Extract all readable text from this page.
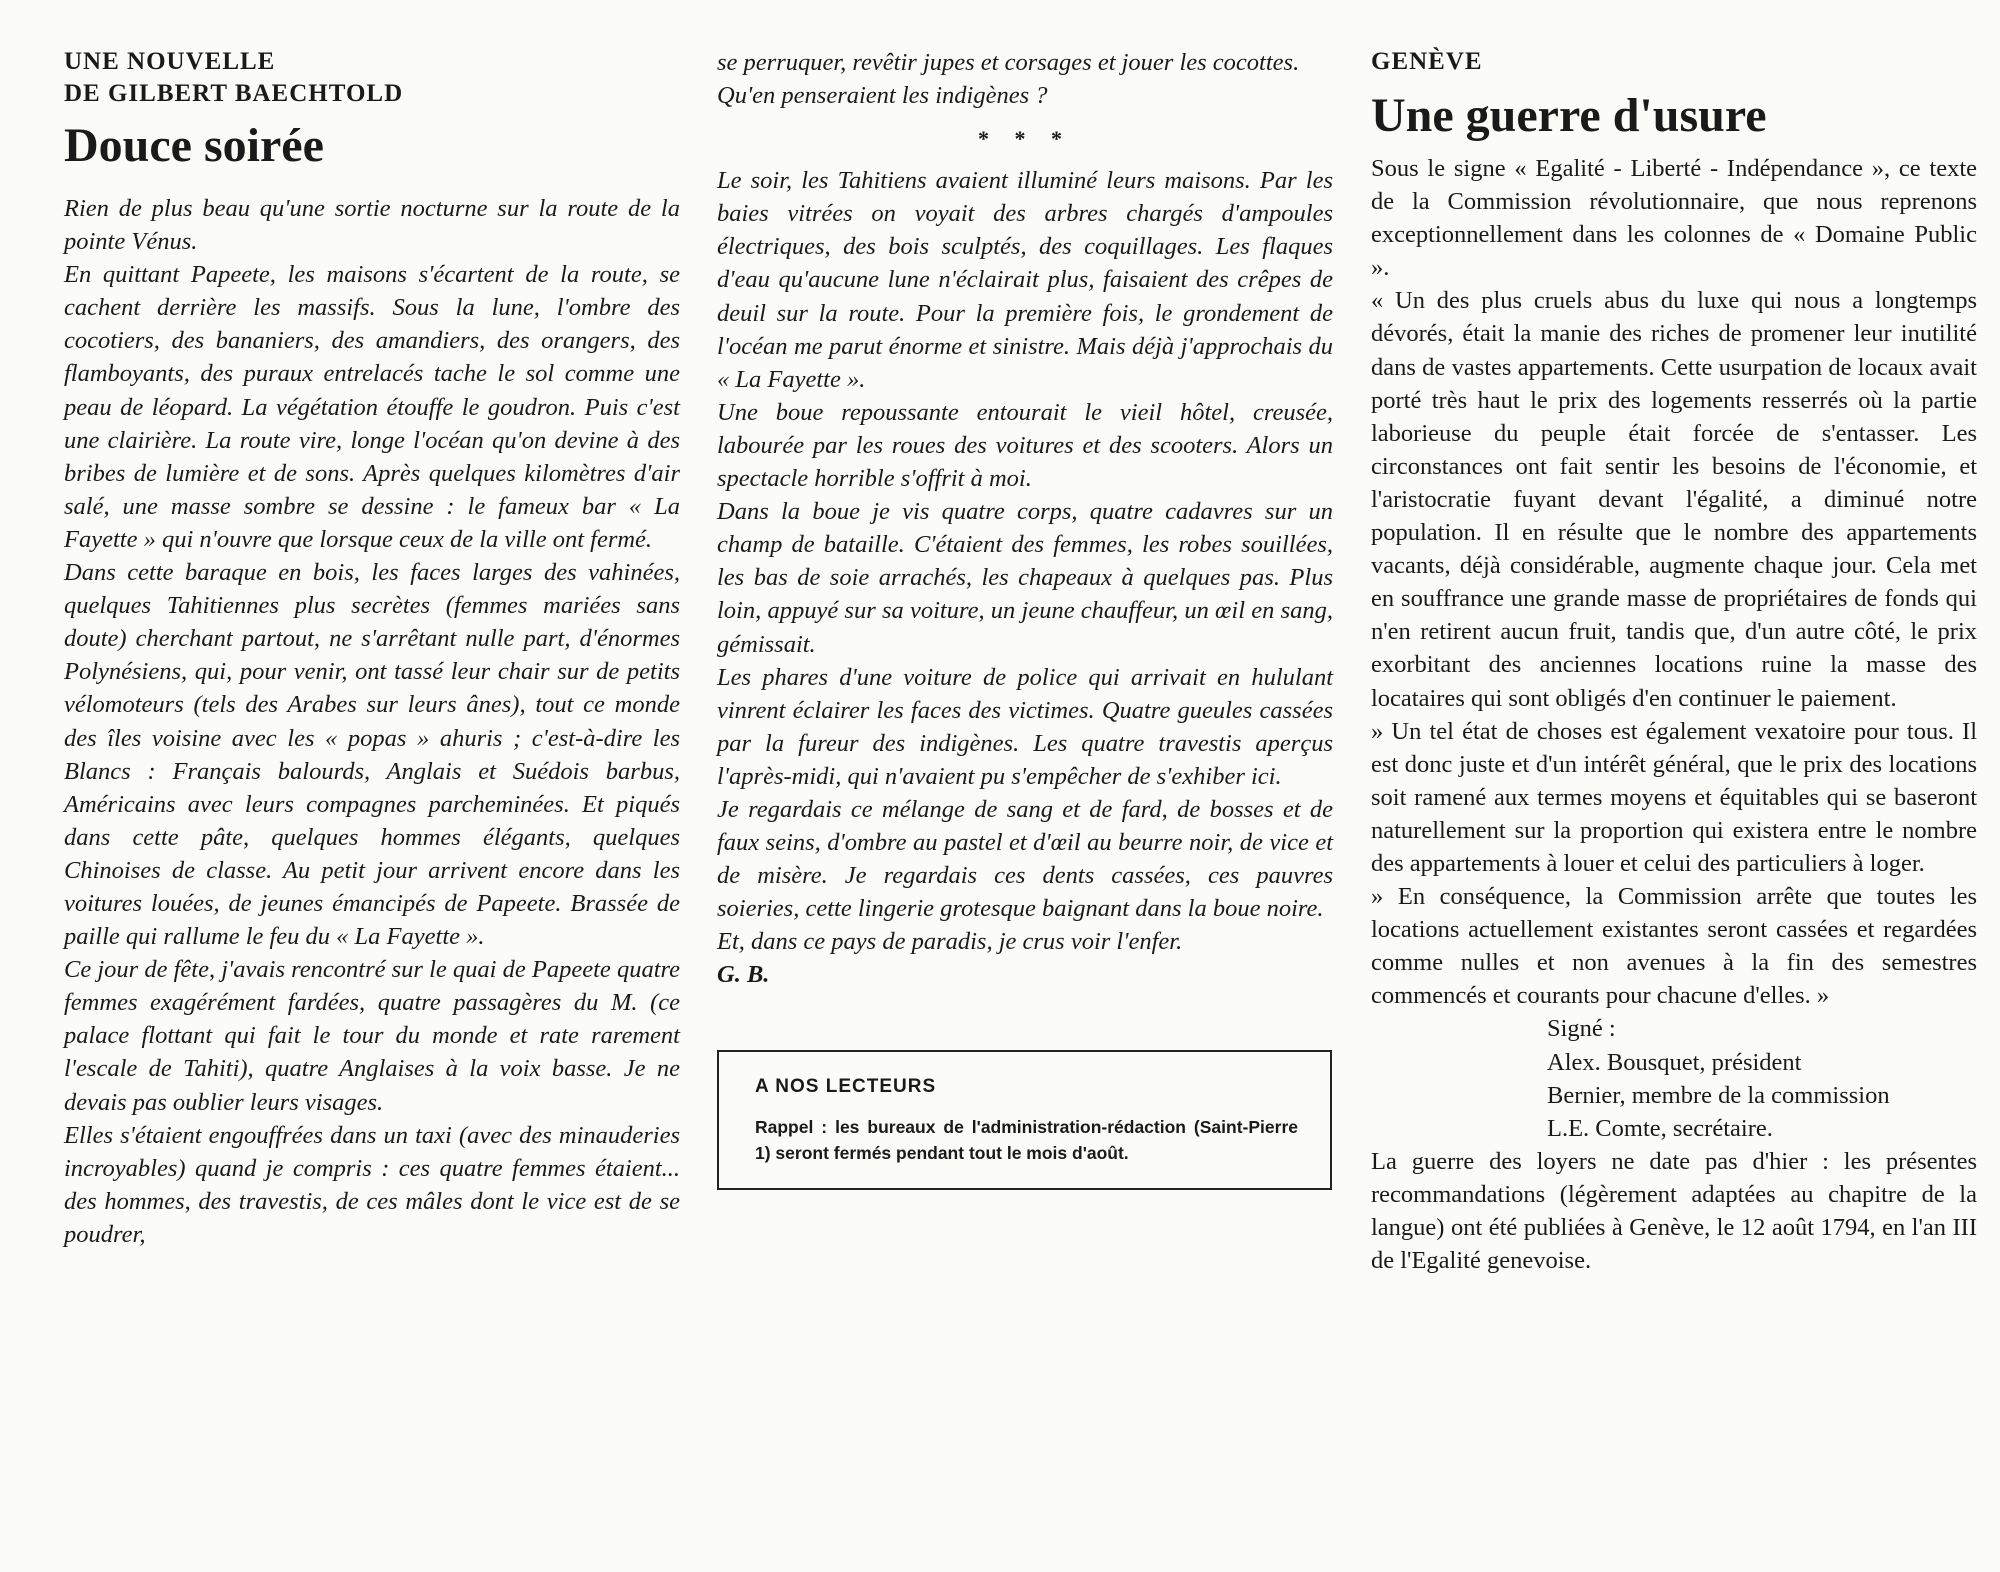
UNE NOUVELLE

DE GILBERT BAECHTOLD

Douce soirée

Rien de plus beau qu'une sortie nocturne sur la route de la pointe Vénus.

En quittant Papeete, les maisons s'écartent de la route, se cachent derrière les massifs. Sous la lune, l'ombre des cocotiers, des bananiers, des amandiers, des orangers, des flamboyants, des puraux entrelacés tache le sol comme une peau de léopard. La végétation étouffe le goudron. Puis c'est une clairière. La route vire, longe l'océan qu'on devine à des bribes de lumière et de sons. Après quelques kilomètres d'air salé, une masse sombre se dessine : le fameux bar « La Fayette » qui n'ouvre que lorsque ceux de la ville ont fermé.

Dans cette baraque en bois, les faces larges des vahinées, quelques Tahitiennes plus secrètes (femmes mariées sans doute) cherchant partout, ne s'arrêtant nulle part, d'énormes Polynésiens, qui, pour venir, ont tassé leur chair sur de petits vélomoteurs (tels des Arabes sur leurs ânes), tout ce monde des îles voisine avec les « popas » ahuris ; c'est-à-dire les Blancs : Français balourds, Anglais et Suédois barbus, Américains avec leurs compagnes parcheminées. Et piqués dans cette pâte, quelques hommes élégants, quelques Chinoises de classe. Au petit jour arrivent encore dans les voitures louées, de jeunes émancipés de Papeete. Brassée de paille qui rallume le feu du « La Fayette ».

Ce jour de fête, j'avais rencontré sur le quai de Papeete quatre femmes exagérément fardées, quatre passagères du M. (ce palace flottant qui fait le tour du monde et rate rarement l'escale de Tahiti), quatre Anglaises à la voix basse. Je ne devais pas oublier leurs visages.

Elles s'étaient engouffrées dans un taxi (avec des minauderies incroyables) quand je compris : ces quatre femmes étaient... des hommes, des travestis, de ces mâles dont le vice est de se poudrer,

se perruquer, revêtir jupes et corsages et jouer les cocottes.

Qu'en penseraient les indigènes ?

* * *

Le soir, les Tahitiens avaient illuminé leurs maisons. Par les baies vitrées on voyait des arbres chargés d'ampoules électriques, des bois sculptés, des coquillages. Les flaques d'eau qu'aucune lune n'éclairait plus, faisaient des crêpes de deuil sur la route. Pour la première fois, le grondement de l'océan me parut énorme et sinistre. Mais déjà j'approchais du « La Fayette ».

Une boue repoussante entourait le vieil hôtel, creusée, labourée par les roues des voitures et des scooters. Alors un spectacle horrible s'offrit à moi.

Dans la boue je vis quatre corps, quatre cadavres sur un champ de bataille. C'étaient des femmes, les robes souillées, les bas de soie arrachés, les chapeaux à quelques pas. Plus loin, appuyé sur sa voiture, un jeune chauffeur, un œil en sang, gémissait.

Les phares d'une voiture de police qui arrivait en hululant vinrent éclairer les faces des victimes. Quatre gueules cassées par la fureur des indigènes. Les quatre travestis aperçus l'après-midi, qui n'avaient pu s'empêcher de s'exhiber ici.

Je regardais ce mélange de sang et de fard, de bosses et de faux seins, d'ombre au pastel et d'œil au beurre noir, de vice et de misère. Je regardais ces dents cassées, ces pauvres soieries, cette lingerie grotesque baignant dans la boue noire.

Et, dans ce pays de paradis, je crus voir l'enfer.

G. B.

A NOS LECTEURS

Rappel : les bureaux de l'administration-rédaction (Saint-Pierre 1) seront fermés pendant tout le mois d'août.

GENÈVE

Une guerre d'usure

Sous le signe « Egalité - Liberté - Indépendance », ce texte de la Commission révolutionnaire, que nous reprenons exceptionnellement dans les colonnes de « Domaine Public ».

« Un des plus cruels abus du luxe qui nous a longtemps dévorés, était la manie des riches de promener leur inutilité dans de vastes appartements. Cette usurpation de locaux avait porté très haut le prix des logements resserrés où la partie laborieuse du peuple était forcée de s'entasser. Les circonstances ont fait sentir les besoins de l'économie, et l'aristocratie fuyant devant l'égalité, a diminué notre population. Il en résulte que le nombre des appartements vacants, déjà considérable, augmente chaque jour. Cela met en souffrance une grande masse de propriétaires de fonds qui n'en retirent aucun fruit, tandis que, d'un autre côté, le prix exorbitant des anciennes locations ruine la masse des locataires qui sont obligés d'en continuer le paiement.

» Un tel état de choses est également vexatoire pour tous. Il est donc juste et d'un intérêt général, que le prix des locations soit ramené aux termes moyens et équitables qui se baseront naturellement sur la proportion qui existera entre le nombre des appartements à louer et celui des particuliers à loger.

» En conséquence, la Commission arrête que toutes les locations actuellement existantes seront cassées et regardées comme nulles et non avenues à la fin des semestres commencés et courants pour chacune d'elles. »

Signé :

Alex. Bousquet, président

Bernier, membre de la commission

L.E. Comte, secrétaire.

La guerre des loyers ne date pas d'hier : les présentes recommandations (légèrement adaptées au chapitre de la langue) ont été publiées à Genève, le 12 août 1794, en l'an III de l'Egalité genevoise.
